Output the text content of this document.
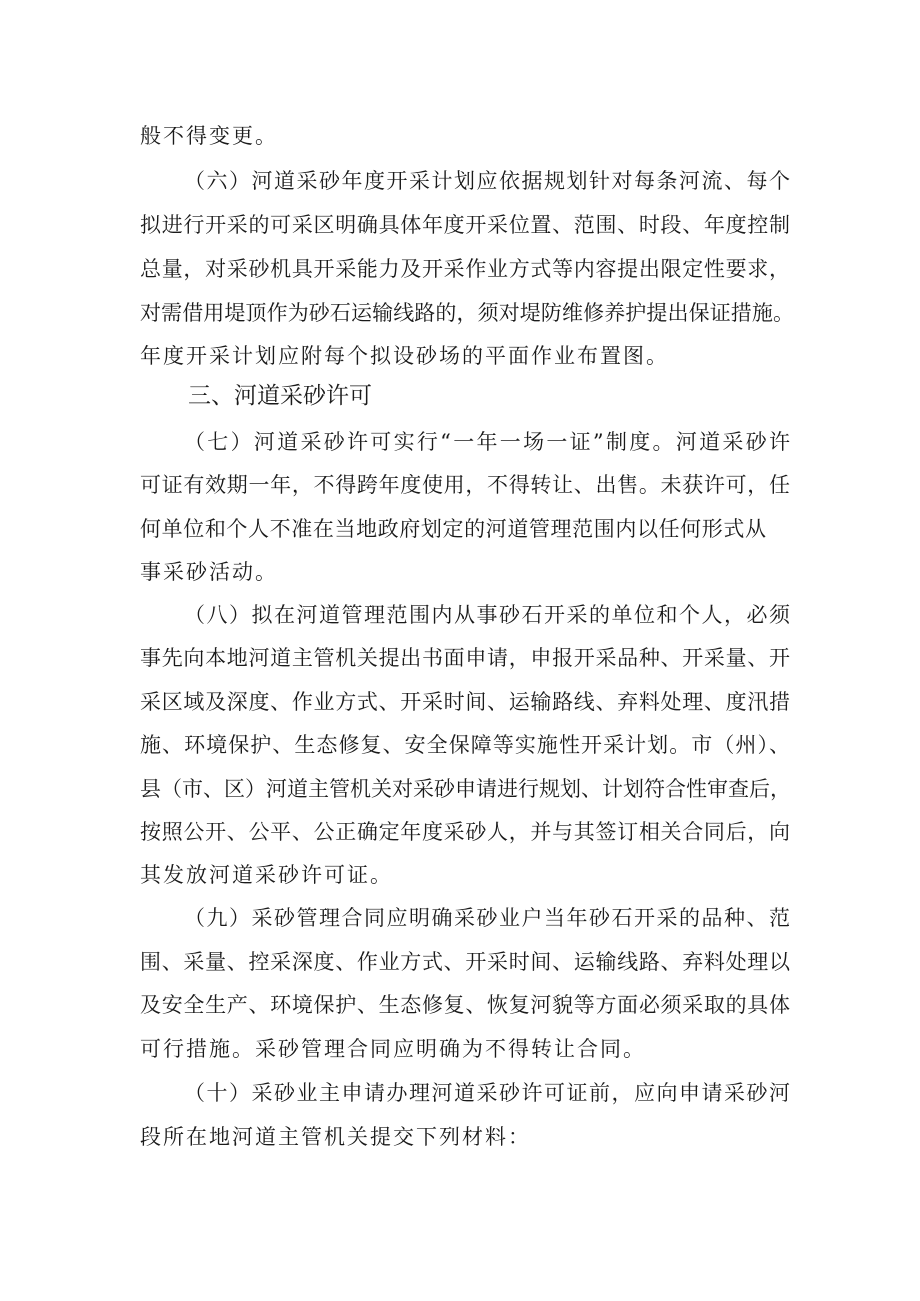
般不得变更。
（六）河道采砂年度开采计划应依据规划针对每条河流、每个
拟进行开采的可采区明确具体年度开采位置、范围、时段、年度控制
总量，对采砂机具开采能力及开采作业方式等内容提出限定性要求，
对需借用堤顶作为砂石运输线路的，须对堤防维修养护提出保证措施。
年度开采计划应附每个拟设砂场的平面作业布置图。
三、河道采砂许可
（七）河道采砂许可实行“一年一场一证”制度。河道采砂许
可证有效期一年，不得跨年度使用，不得转让、出售。未获许可，任
何单位和个人不准在当地政府划定的河道管理范围内以任何形式从
事采砂活动。
（八）拟在河道管理范围内从事砂石开采的单位和个人，必须
事先向本地河道主管机关提出书面申请，申报开采品种、开采量、开
采区域及深度、作业方式、开采时间、运输路线、弃料处理、度汛措
施、环境保护、生态修复、安全保障等实施性开采计划。市（州）、
县（市、区）河道主管机关对采砂申请进行规划、计划符合性审查后，
按照公开、公平、公正确定年度采砂人，并与其签订相关合同后，向
其发放河道采砂许可证。
（九）采砂管理合同应明确采砂业户当年砂石开采的品种、范
围、采量、控采深度、作业方式、开采时间、运输线路、弃料处理以
及安全生产、环境保护、生态修复、恢复河貌等方面必须采取的具体
可行措施。采砂管理合同应明确为不得转让合同。
（十）采砂业主申请办理河道采砂许可证前，应向申请采砂河
段所在地河道主管机关提交下列材料：
